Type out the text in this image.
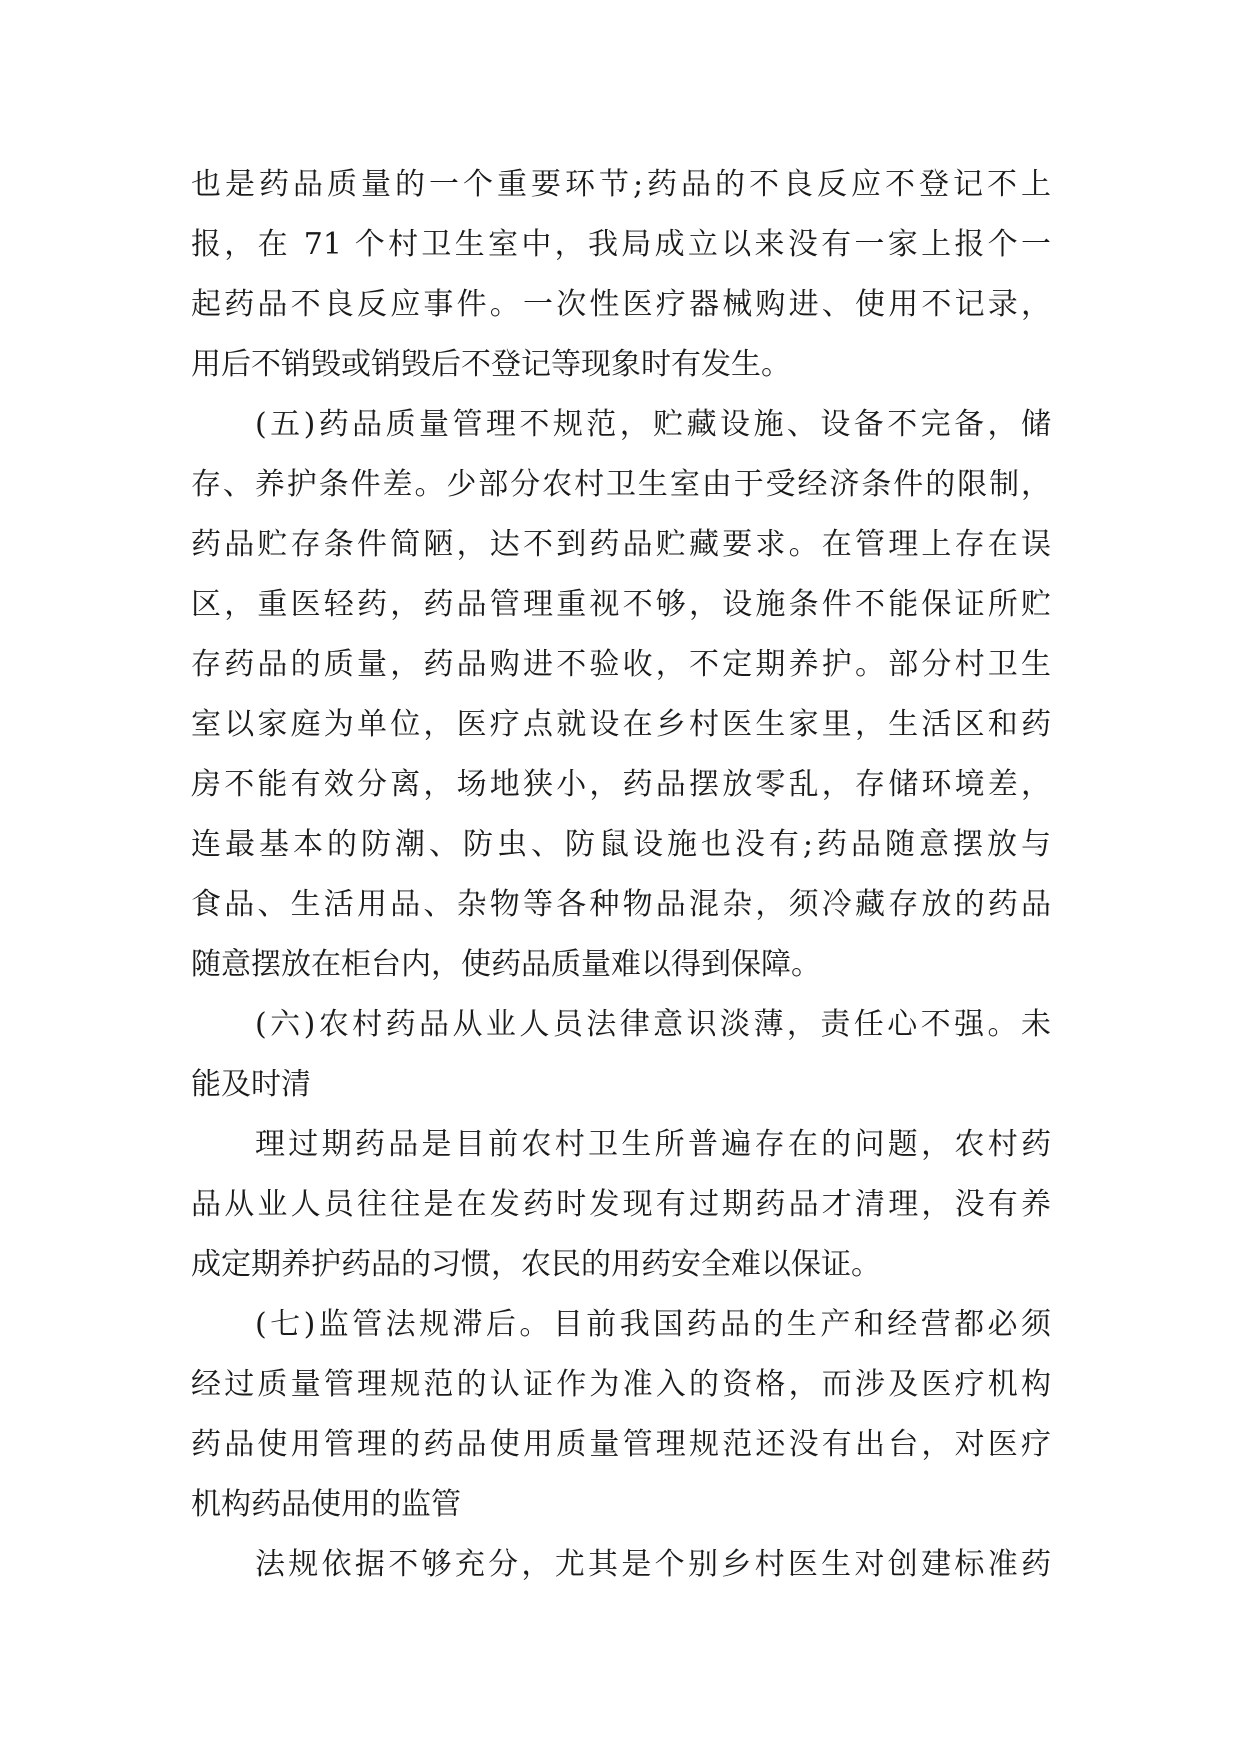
也是药品质量的一个重要环节;药品的不良反应不登记不上
报，在 71 个村卫生室中，我局成立以来没有一家上报个一
起药品不良反应事件。一次性医疗器械购进、使用不记录，
用后不销毁或销毁后不登记等现象时有发生。
(五)药品质量管理不规范，贮藏设施、设备不完备，储
存、养护条件差。少部分农村卫生室由于受经济条件的限制，
药品贮存条件简陋，达不到药品贮藏要求。在管理上存在误
区，重医轻药，药品管理重视不够，设施条件不能保证所贮
存药品的质量，药品购进不验收，不定期养护。部分村卫生
室以家庭为单位，医疗点就设在乡村医生家里，生活区和药
房不能有效分离，场地狭小，药品摆放零乱，存储环境差，
连最基本的防潮、防虫、防鼠设施也没有;药品随意摆放与
食品、生活用品、杂物等各种物品混杂，须冷藏存放的药品
随意摆放在柜台内，使药品质量难以得到保障。
(六)农村药品从业人员法律意识淡薄，责任心不强。未
能及时清
理过期药品是目前农村卫生所普遍存在的问题，农村药
品从业人员往往是在发药时发现有过期药品才清理，没有养
成定期养护药品的习惯，农民的用药安全难以保证。
(七)监管法规滞后。目前我国药品的生产和经营都必须
经过质量管理规范的认证作为准入的资格，而涉及医疗机构
药品使用管理的药品使用质量管理规范还没有出台，对医疗
机构药品使用的监管
法规依据不够充分，尤其是个别乡村医生对创建标准药
